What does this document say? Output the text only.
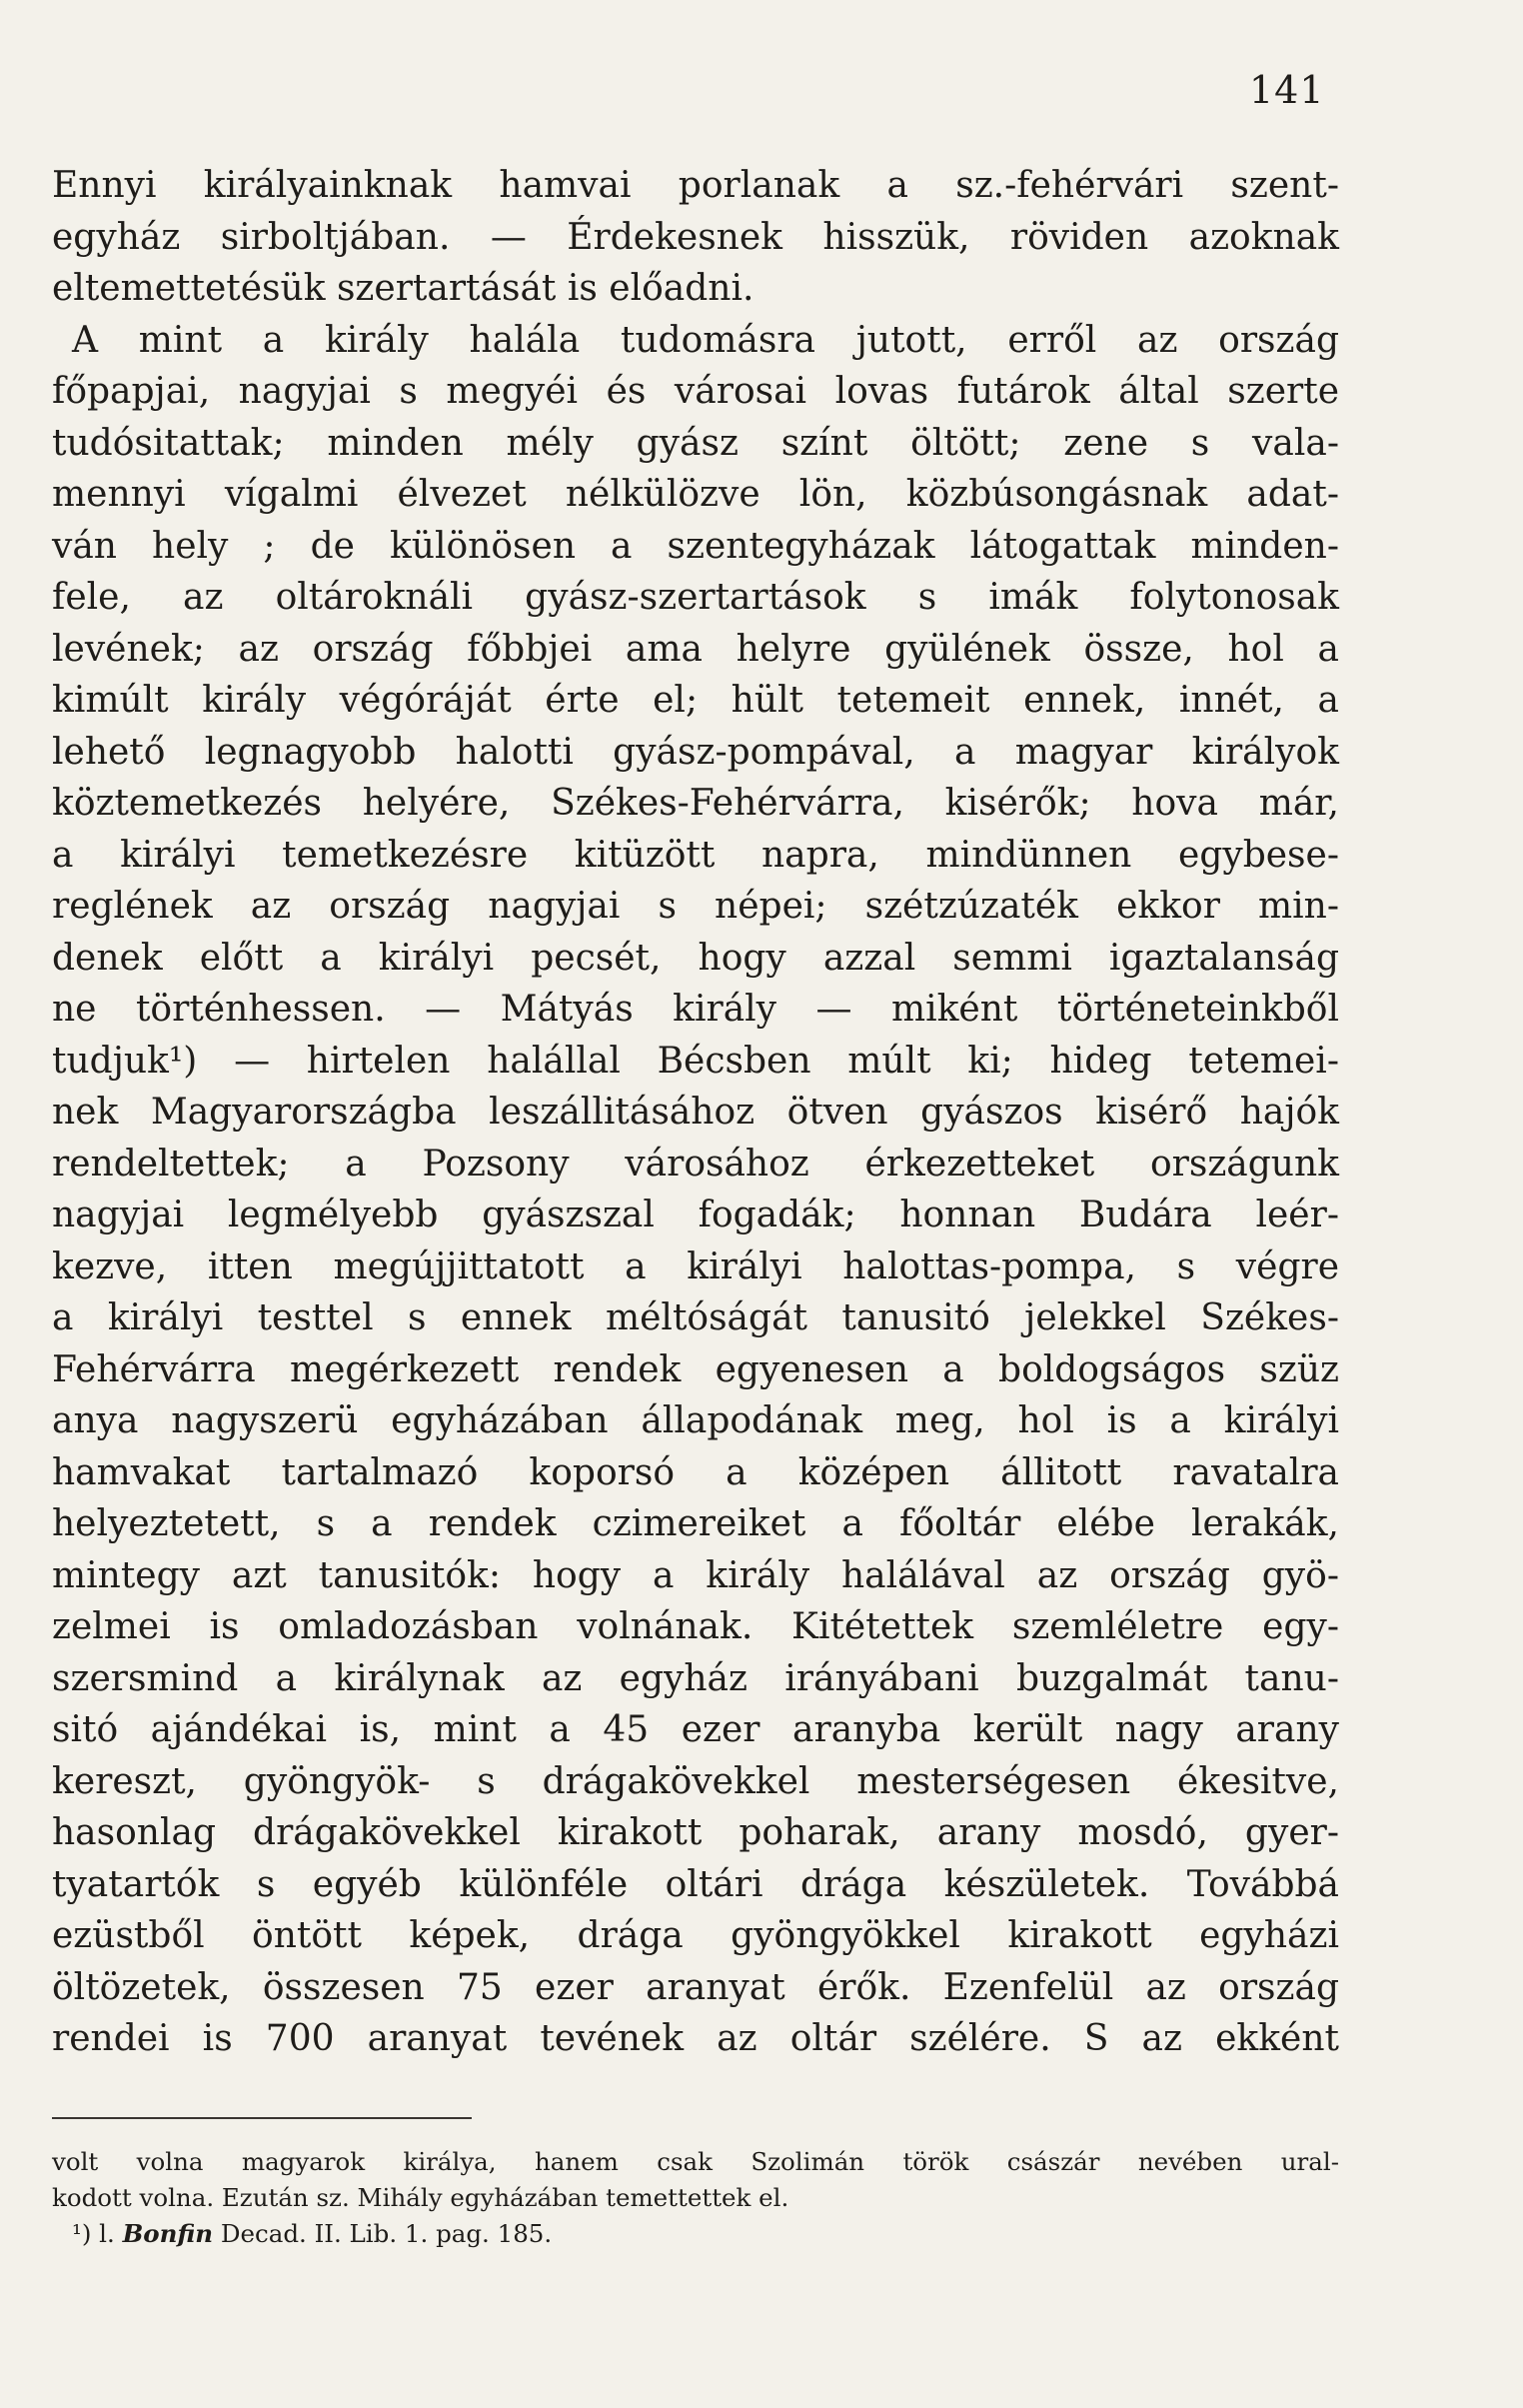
141
Ennyi királyainknak hamvai porlanak a sz.-fehérvári szent-
egyház sirboltjában. — Érdekesnek hisszük, röviden azoknak
eltemettetésük szertartását is előadni.
A mint a király halála tudomásra jutott, erről az ország
főpapjai, nagyjai s megyéi és városai lovas futárok által szerte
tudósitattak; minden mély gyász színt öltött; zene s vala-
mennyi vígalmi élvezet nélkülözve lön, közbúsongásnak adat-
ván hely ; de különösen a szentegyházak látogattak minden-
fele, az oltároknáli gyász-szertartások s imák folytonosak
levének; az ország főbbjei ama helyre gyülének össze, hol a
kimúlt király végóráját érte el; hült tetemeit ennek, innét, a
lehető legnagyobb halotti gyász-pompával, a magyar királyok
köztemetkezés helyére, Székes-Fehérvárra, kisérők; hova már,
a királyi temetkezésre kitüzött napra, mindünnen egybese-
reglének az ország nagyjai s népei; szétzúzaték ekkor min-
denek előtt a királyi pecsét, hogy azzal semmi igaztalanság
ne történhessen. — Mátyás király — miként történeteinkből
tudjuk¹) — hirtelen halállal Bécsben múlt ki; hideg tetemei-
nek Magyarországba leszállitásához ötven gyászos kisérő hajók
rendeltettek; a Pozsony városához érkezetteket országunk
nagyjai legmélyebb gyászszal fogadák; honnan Budára leér-
kezve, itten megújjittatott a királyi halottas-pompa, s végre
a királyi testtel s ennek méltóságát tanusitó jelekkel Székes-
Fehérvárra megérkezett rendek egyenesen a boldogságos szüz
anya nagyszerü egyházában állapodának meg, hol is a királyi
hamvakat tartalmazó koporsó a középen állitott ravatalra
helyeztetett, s a rendek czimereiket a főoltár elébe lerakák,
mintegy azt tanusitók: hogy a király halálával az ország gyö-
zelmei is omladozásban volnának. Kitétettek szemléletre egy-
szersmind a királynak az egyház irányábani buzgalmát tanu-
sitó ajándékai is, mint a 45 ezer aranyba került nagy arany
kereszt, gyöngyök- s drágakövekkel mesterségesen ékesitve,
hasonlag drágakövekkel kirakott poharak, arany mosdó, gyer-
tyatartók s egyéb különféle oltári drága készületek. Továbbá
ezüstből öntött képek, drága gyöngyökkel kirakott egyházi
öltözetek, összesen 75 ezer aranyat érők. Ezenfelül az ország
rendei is 700 aranyat tevének az oltár szélére. S az ekként
volt volna magyarok királya, hanem csak Szolimán török császár nevében ural-
kodott volna. Ezután sz. Mihály egyházában temettettek el.
¹) l. Bonfin Decad. II. Lib. 1. pag. 185.
